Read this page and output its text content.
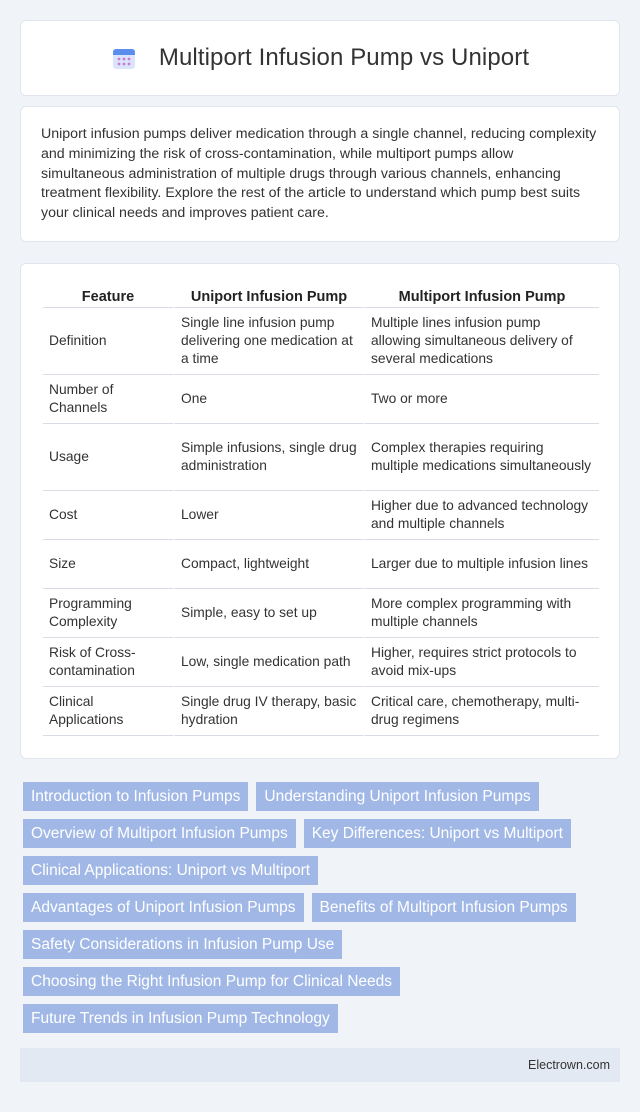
Multiport Infusion Pump vs Uniport

Uniport infusion pumps deliver medication through a single channel, reducing complexity and minimizing the risk of cross-contamination, while multiport pumps allow simultaneous administration of multiple drugs through various channels, enhancing treatment flexibility. Explore the rest of the article to understand which pump best suits your clinical needs and improves patient care.

Feature	Uniport Infusion Pump	Multiport Infusion Pump
Definition	Single line infusion pump delivering one medication at a time	Multiple lines infusion pump allowing simultaneous delivery of several medications
Number of Channels	One	Two or more
Usage	Simple infusions, single drug administration	Complex therapies requiring multiple medications simultaneously
Cost	Lower	Higher due to advanced technology and multiple channels
Size	Compact, lightweight	Larger due to multiple infusion lines
Programming Complexity	Simple, easy to set up	More complex programming with multiple channels
Risk of Cross-contamination	Low, single medication path	Higher, requires strict protocols to avoid mix-ups
Clinical Applications	Single drug IV therapy, basic hydration	Critical care, chemotherapy, multi-drug regimens
Introduction to Infusion Pumps	Understanding Uniport Infusion Pumps
Overview of Multiport Infusion Pumps	Key Differences: Uniport vs Multiport
Clinical Applications: Uniport vs Multiport
Advantages of Uniport Infusion Pumps	Benefits of Multiport Infusion Pumps
Safety Considerations in Infusion Pump Use
Choosing the Right Infusion Pump for Clinical Needs
Future Trends in Infusion Pump Technology
Electrown.com
